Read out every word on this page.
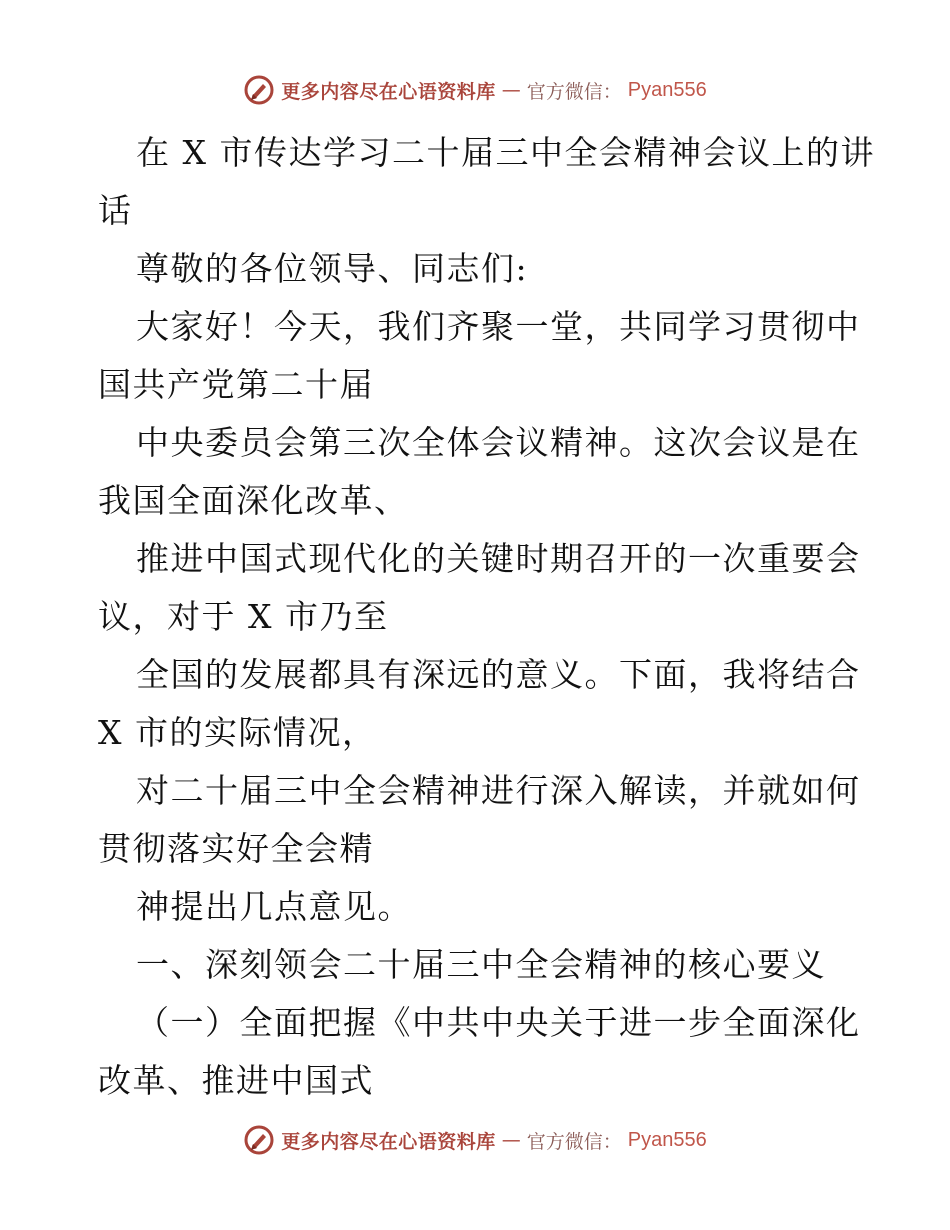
更多内容尽在心语资料库 — 官方微信： Pyan556
在 X 市传达学习二十届三中全会精神会议上的讲
话
尊敬的各位领导、同志们:
大家好！今天，我们齐聚一堂，共同学习贯彻中
国共产党第二十届
中央委员会第三次全体会议精神。这次会议是在
我国全面深化改革、
推进中国式现代化的关键时期召开的一次重要会
议，对于 X 市乃至
全国的发展都具有深远的意义。下面，我将结合
X 市的实际情况，
对二十届三中全会精神进行深入解读，并就如何
贯彻落实好全会精
神提出几点意见。
一、深刻领会二十届三中全会精神的核心要义
（一）全面把握《中共中央关于进一步全面深化
改革、推进中国式
更多内容尽在心语资料库 — 官方微信： Pyan556
